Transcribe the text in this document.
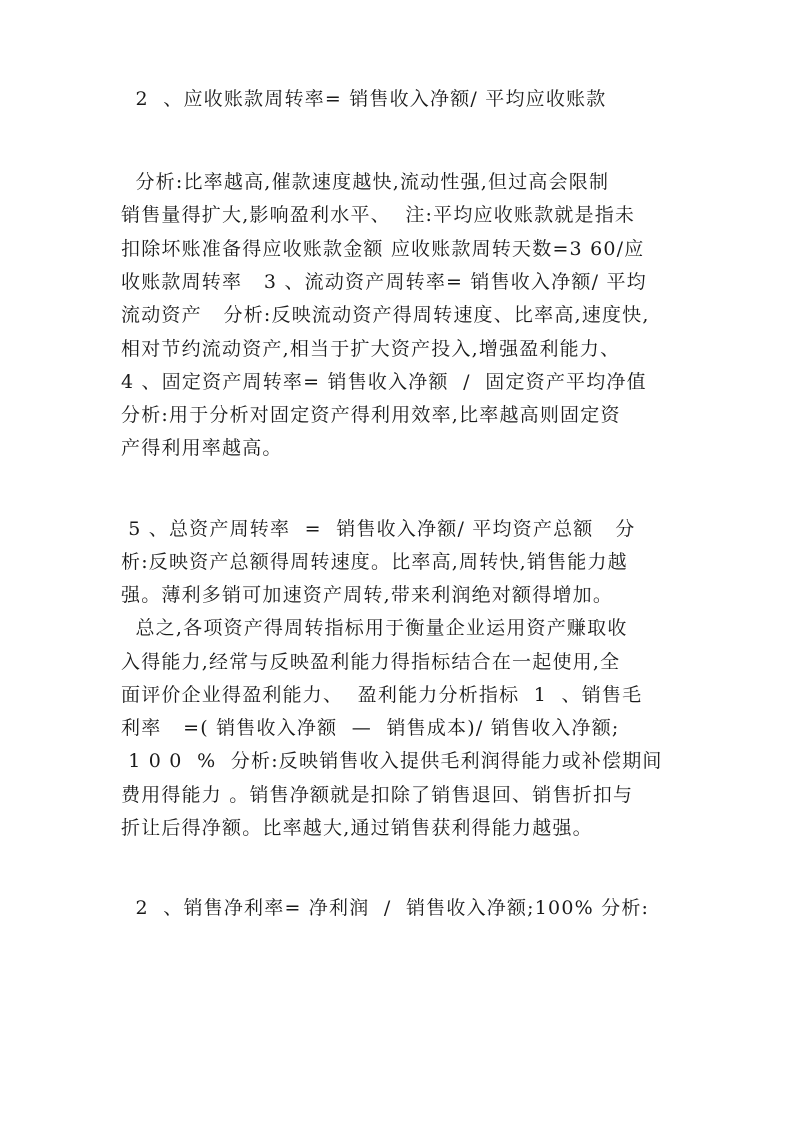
2  、应收账款周转率= 销售收入净额/ 平均应收账款
分析:比率越高,催款速度越快,流动性强,但过高会限制
销售量得扩大,影响盈利水平、  注:平均应收账款就是指未
扣除坏账准备得应收账款金额 应收账款周转天数=3 60/应
收账款周转率   3 、流动资产周转率= 销售收入净额/ 平均
流动资产   分析:反映流动资产得周转速度、比率高,速度快,
相对节约流动资产,相当于扩大资产投入,增强盈利能力、
4 、固定资产周转率= 销售收入净额  /  固定资产平均净值
分析:用于分析对固定资产得利用效率,比率越高则固定资
产得利用率越高。
5 、总资产周转率  =  销售收入净额/ 平均资产总额   分
析:反映资产总额得周转速度。比率高,周转快,销售能力越
强。薄利多销可加速资产周转,带来利润绝对额得增加。
总之,各项资产得周转指标用于衡量企业运用资产赚取收
入得能力,经常与反映盈利能力得指标结合在一起使用,全
面评价企业得盈利能力、  盈利能力分析指标  1  、销售毛
利率   =( 销售收入净额  —  销售成本)/ 销售收入净额;
1 0 0  %  分析:反映销售收入提供毛利润得能力或补偿期间
费用得能力 。销售净额就是扣除了销售退回、销售折扣与
折让后得净额。比率越大,通过销售获利得能力越强。
2  、销售净利率= 净利润  /  销售收入净额;100% 分析:
